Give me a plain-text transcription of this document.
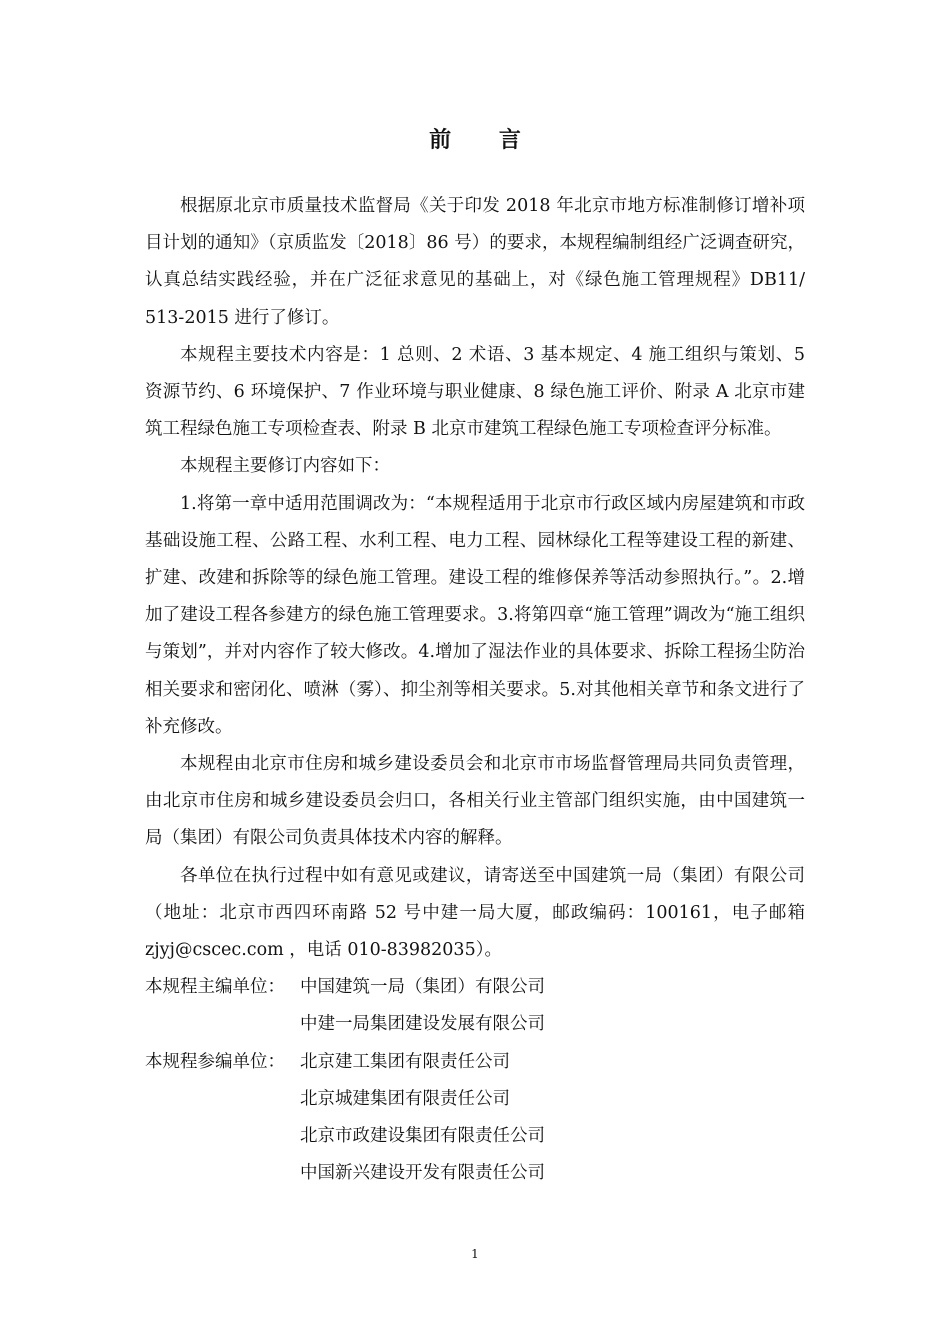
前 言

根据原北京市质量技术监督局《关于印发 2018 年北京市地方标准制修订增补项目计划的通知》（京质监发〔2018〕86 号）的要求，本规程编制组经广泛调查研究，认真总结实践经验，并在广泛征求意见的基础上，对《绿色施工管理规程》DB11/ 513-2015 进行了修订。

本规程主要技术内容是：1 总则、2 术语、3 基本规定、4 施工组织与策划、5 资源节约、6 环境保护、7 作业环境与职业健康、8 绿色施工评价、附录 A 北京市建筑工程绿色施工专项检查表、附录 B 北京市建筑工程绿色施工专项检查评分标准。

本规程主要修订内容如下：

1.将第一章中适用范围调改为：“本规程适用于北京市行政区域内房屋建筑和市政基础设施工程、公路工程、水利工程、电力工程、园林绿化工程等建设工程的新建、扩建、改建和拆除等的绿色施工管理。建设工程的维修保养等活动参照执行。”。2.增加了建设工程各参建方的绿色施工管理要求。3.将第四章“施工管理”调改为“施工组织与策划”，并对内容作了较大修改。4.增加了湿法作业的具体要求、拆除工程扬尘防治相关要求和密闭化、喷淋（雾）、抑尘剂等相关要求。5.对其他相关章节和条文进行了补充修改。

本规程由北京市住房和城乡建设委员会和北京市市场监督管理局共同负责管理，由北京市住房和城乡建设委员会归口，各相关行业主管部门组织实施，由中国建筑一局（集团）有限公司负责具体技术内容的解释。

各单位在执行过程中如有意见或建议，请寄送至中国建筑一局（集团）有限公司（地址：北京市西四环南路 52 号中建一局大厦，邮政编码：100161，电子邮箱 zjyj@cscec.com ，电话 010-83982035）。

本规程主编单位： 中国建筑一局（集团）有限公司
中建一局集团建设发展有限公司
本规程参编单位： 北京建工集团有限责任公司
北京城建集团有限责任公司
北京市政建设集团有限责任公司
中国新兴建设开发有限责任公司
1
